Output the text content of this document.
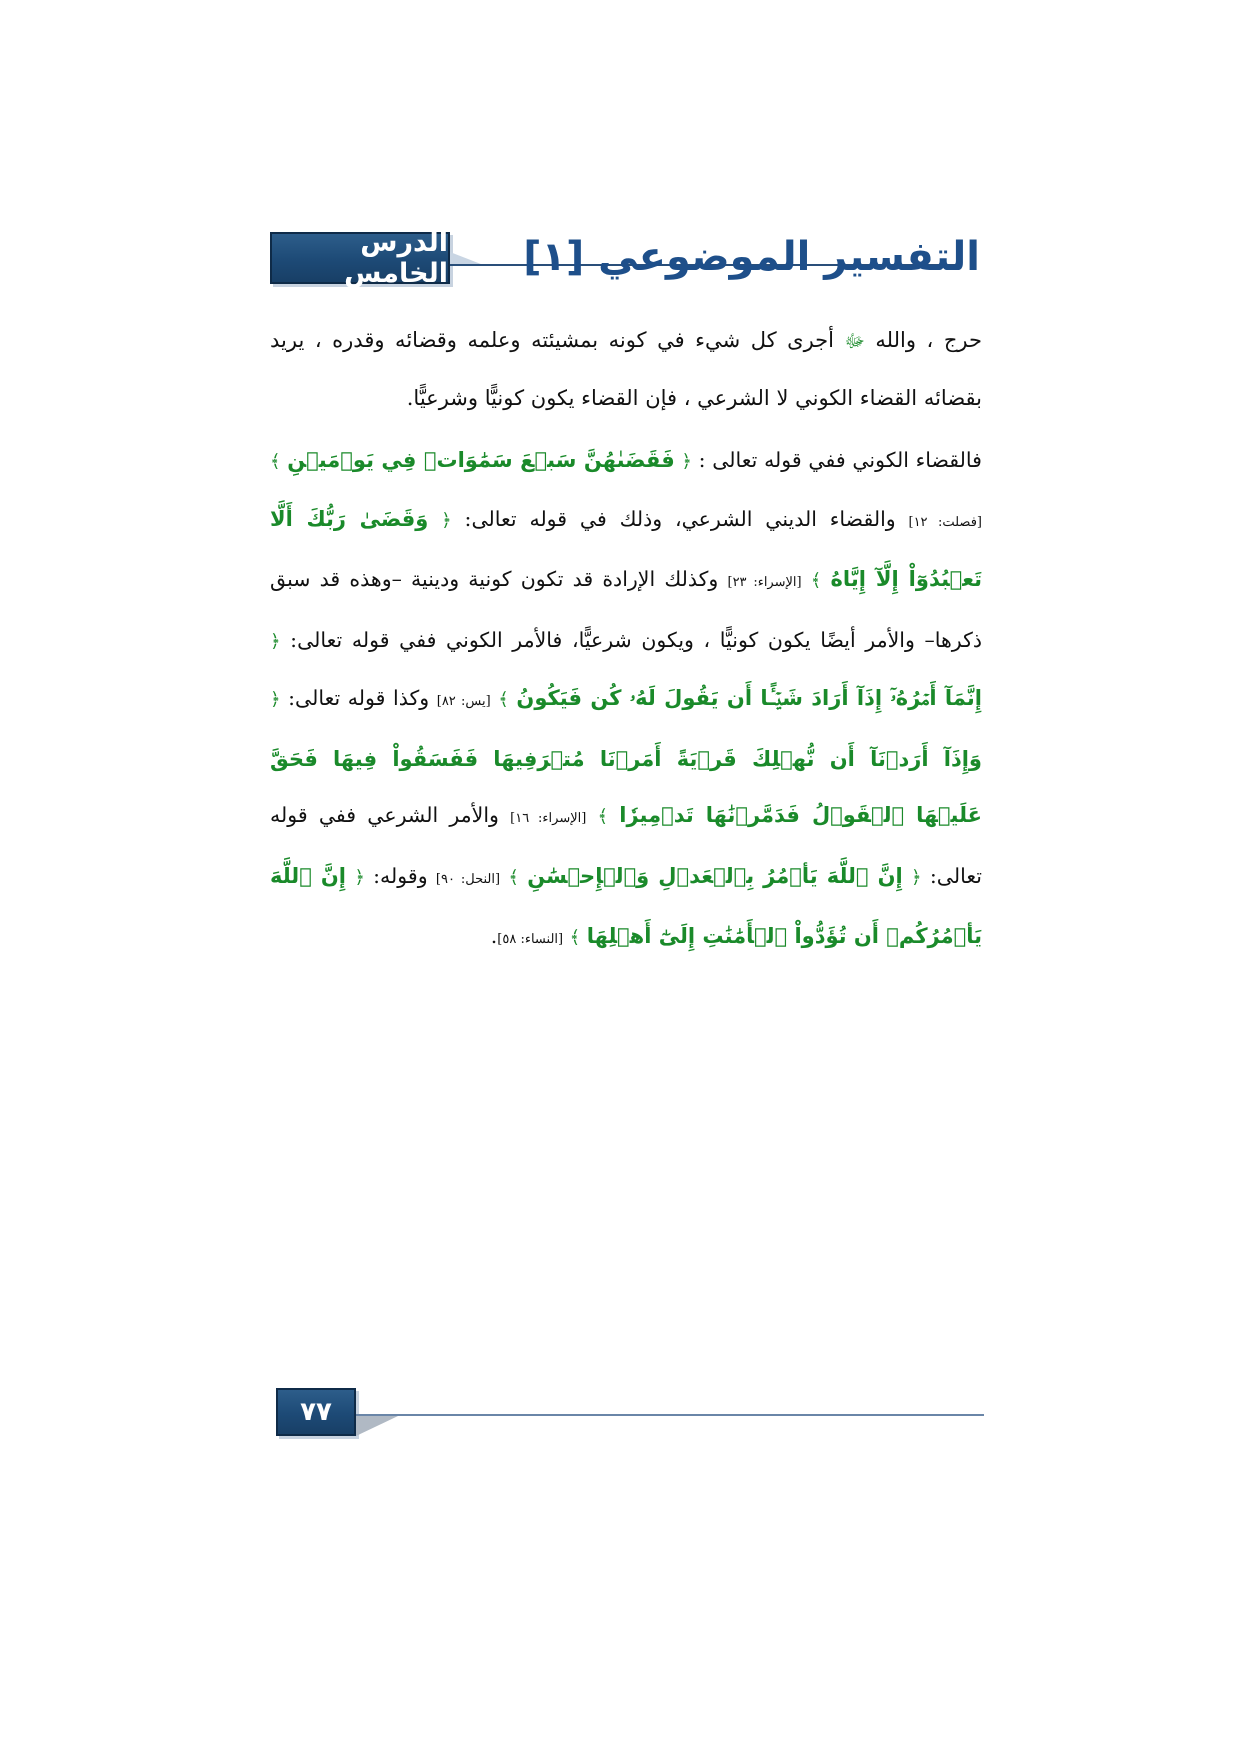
الدرس الخامس التفسير الموضوعي [١]

حرج ، والله ﷻ أجرى كل شيء في كونه بمشيئته وعلمه وقضائه وقدره ، يريد بقضائه القضاء الكوني لا الشرعي ، فإن القضاء يكون كونيًّا وشرعيًّا.

فالقضاء الكوني ففي قوله تعالى : ﴿ فَقَضَىٰهُنَّ سَبۡعَ سَمَٰوَاتٖ فِي يَوۡمَيۡنِ ﴾ [فصلت: ١٢] والقضاء الديني الشرعي، وذلك في قوله تعالى: ﴿ وَقَضَىٰ رَبُّكَ أَلَّا تَعۡبُدُوٓاْ إِلَّآ إِيَّاهُ ﴾ [الإسراء: ٢٣] وكذلك الإرادة قد تكون كونية ودينية –وهذه قد سبق ذكرها– والأمر أيضًا يكون كونيًّا ، ويكون شرعيًّا، فالأمر الكوني ففي قوله تعالى: ﴿ إِنَّمَآ أَمۡرُهُۥٓ إِذَآ أَرَادَ شَيۡـًٔا أَن يَقُولَ لَهُۥ كُن فَيَكُونُ ﴾ [يس: ٨٢] وكذا قوله تعالى: ﴿ وَإِذَآ أَرَدۡنَآ أَن نُّهۡلِكَ قَرۡيَةً أَمَرۡنَا مُتۡرَفِيهَا فَفَسَقُواْ فِيهَا فَحَقَّ عَلَيۡهَا ٱلۡقَوۡلُ فَدَمَّرۡنَٰهَا تَدۡمِيرٗا ﴾ [الإسراء: ١٦] والأمر الشرعي ففي قوله تعالى: ﴿ إِنَّ ٱللَّهَ يَأۡمُرُ بِٱلۡعَدۡلِ وَٱلۡإِحۡسَٰنِ ﴾ [النحل: ٩٠] وقوله: ﴿ إِنَّ ٱللَّهَ يَأۡمُرُكُمۡ أَن تُؤَدُّواْ ٱلۡأَمَٰنَٰتِ إِلَىٰٓ أَهۡلِهَا ﴾ [النساء: ٥٨].

٧٧
